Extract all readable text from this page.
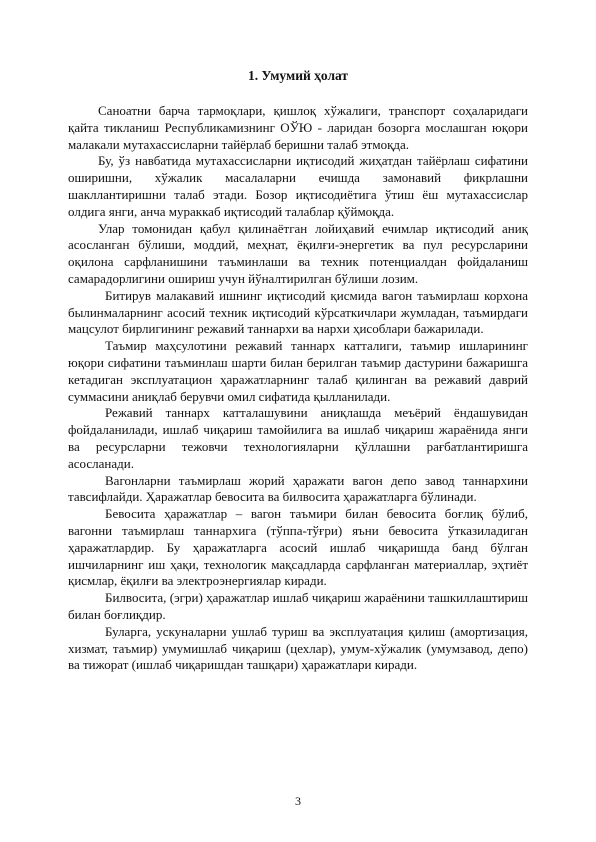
1. Умумий ҳолат

Саноатни барча тармоқлари, қишлоқ хўжалиги, транспорт соҳаларидаги қайта тикланиш Республикамизнинг ОЎЮ - ларидан бозорга мослашган юқори малакали мутахассисларни тайёрлаб беришни талаб этмоқда.

Бу, ўз навбатида мутахассисларни иқтисодий жиҳатдан тайёрлаш сифатини оширишни, хўжалик масалаларни ечишда замонавий фикрлашни шакллантиришни талаб этади. Бозор иқтисодиётига ўтиш ёш мутахассислар олдига янги, анча мураккаб иқтисодий талаблар қўймоқда.

Улар томонидан қабул қилинаётган лойиҳавий ечимлар иқтисодий аниқ асосланган бўлиши, моддий, меҳнат, ёқилғи-энергетик ва пул ресурсларини оқилона сарфланишини таъминлаши ва техник потенциалдан фойдаланиш самарадорлигини ошириш учун йўналтирилган бўлиши лозим.

Битирув малакавий ишнинг иқтисодий қисмида вагон таъмирлаш корхона былинмаларнинг асосий техник иқтисодий кўрсаткичлари жумладан, таъмирдаги мацсулот бирлигининг режавий таннархи ва нархи ҳисоблари бажарилади.

Таъмир маҳсулотини режавий таннарх катталиги, таъмир ишларининг юқори сифатини таъминлаш шарти билан берилган таъмир дастурини бажаришга кетадиган эксплуатацион ҳаражатларнинг талаб қилинган ва режавий даврий суммасини аниқлаб берувчи омил сифатида қылланилади.

Режавий таннарх катталашувини аниқлашда меъёрий ёндашувидан фойдаланилади, ишлаб чиқариш тамойилига ва ишлаб чиқариш жараёнида янги ва ресурсларни тежовчи технологияларни қўллашни рағбатлантиришга асосланади.

Вагонларни таъмирлаш жорий ҳаражати вагон депо завод таннархини тавсифлайди. Ҳаражатлар бевосита ва билвосита ҳаражатларга бўлинади.

Бевосита ҳаражатлар – вагон таъмири билан бевосита боғлиқ бўлиб, вагонни таъмирлаш таннархига (тўппа-тўғри) яъни бевосита ўтказиладиган ҳаражатлардир. Бу ҳаражатларга асосий ишлаб чиқаришда банд бўлган ишчиларнинг иш ҳақи, технологик мақсадларда сарфланган материаллар, эҳтиёт қисмлар, ёқилғи ва электроэнергиялар киради.

Билвосита, (эгри) ҳаражатлар ишлаб чиқариш жараёнини ташкиллаштириш билан боғлиқдир.

Буларга, ускуналарни ушлаб туриш ва эксплуатация қилиш (амортизация, хизмат, таъмир) умумишлаб чиқариш (цехлар), умум-хўжалик (умумзавод, депо) ва тижорат (ишлаб чиқаришдан ташқари) ҳаражатлари киради.

3
